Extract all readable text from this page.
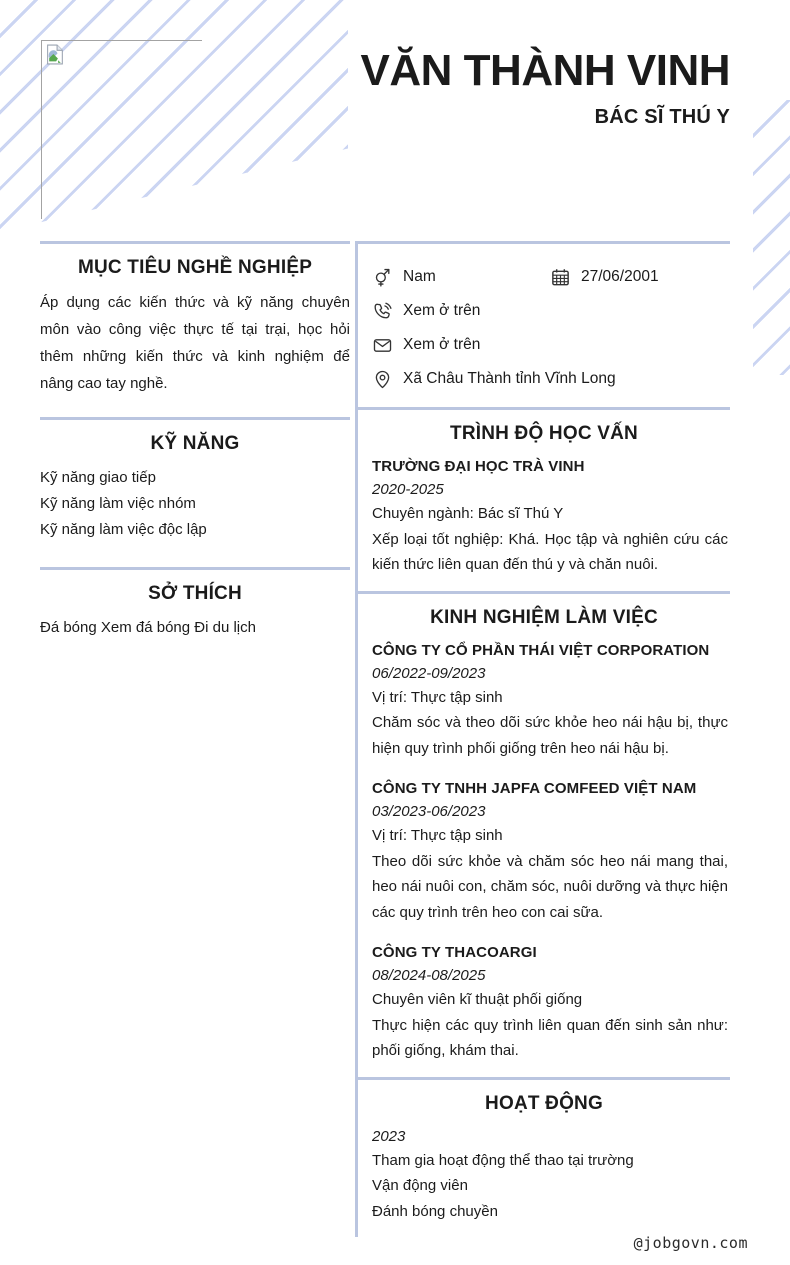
VĂN THÀNH VINH
BÁC SĨ THÚ Y
MỤC TIÊU NGHỀ NGHIỆP
Áp dụng các kiến thức và kỹ năng chuyên môn vào công việc thực tế tại trại, học hỏi thêm những kiến thức và kinh nghiệm để nâng cao tay nghề.
KỸ NĂNG
Kỹ năng giao tiếp
Kỹ năng làm việc nhóm
Kỹ năng làm việc độc lập
SỞ THÍCH
Đá bóng Xem đá bóng Đi du lịch
Nam	27/06/2001
Xem ở trên
Xem ở trên
Xã Châu Thành tỉnh Vĩnh Long
TRÌNH ĐỘ HỌC VẤN
TRƯỜNG ĐẠI HỌC TRÀ VINH
2020-2025

Chuyên ngành: Bác sĩ Thú Y

Xếp loại tốt nghiệp: Khá. Học tập và nghiên cứu các kiến thức liên quan đến thú y và chăn nuôi.

KINH NGHIỆM LÀM VIỆC
CÔNG TY CỔ PHẦN THÁI VIỆT CORPORATION
06/2022-09/2023

Vị trí: Thực tập sinh

Chăm sóc và theo dõi sức khỏe heo nái hậu bị, thực hiện quy trình phối giống trên heo nái hậu bị.

CÔNG TY TNHH JAPFA COMFEED VIỆT NAM
03/2023-06/2023

Vị trí: Thực tập sinh

Theo dõi sức khỏe và chăm sóc heo nái mang thai, heo nái nuôi con, chăm sóc, nuôi dưỡng và thực hiện các quy trình trên heo con cai sữa.

CÔNG TY THACOARGI
08/2024-08/2025

Chuyên viên kĩ thuật phối giống

Thực hiện các quy trình liên quan đến sinh sản như: phối giống, khám thai.

HOẠT ĐỘNG
2023

Tham gia hoạt động thể thao tại trường

Vận động viên

Đánh bóng chuyền

@jobgovn.com
